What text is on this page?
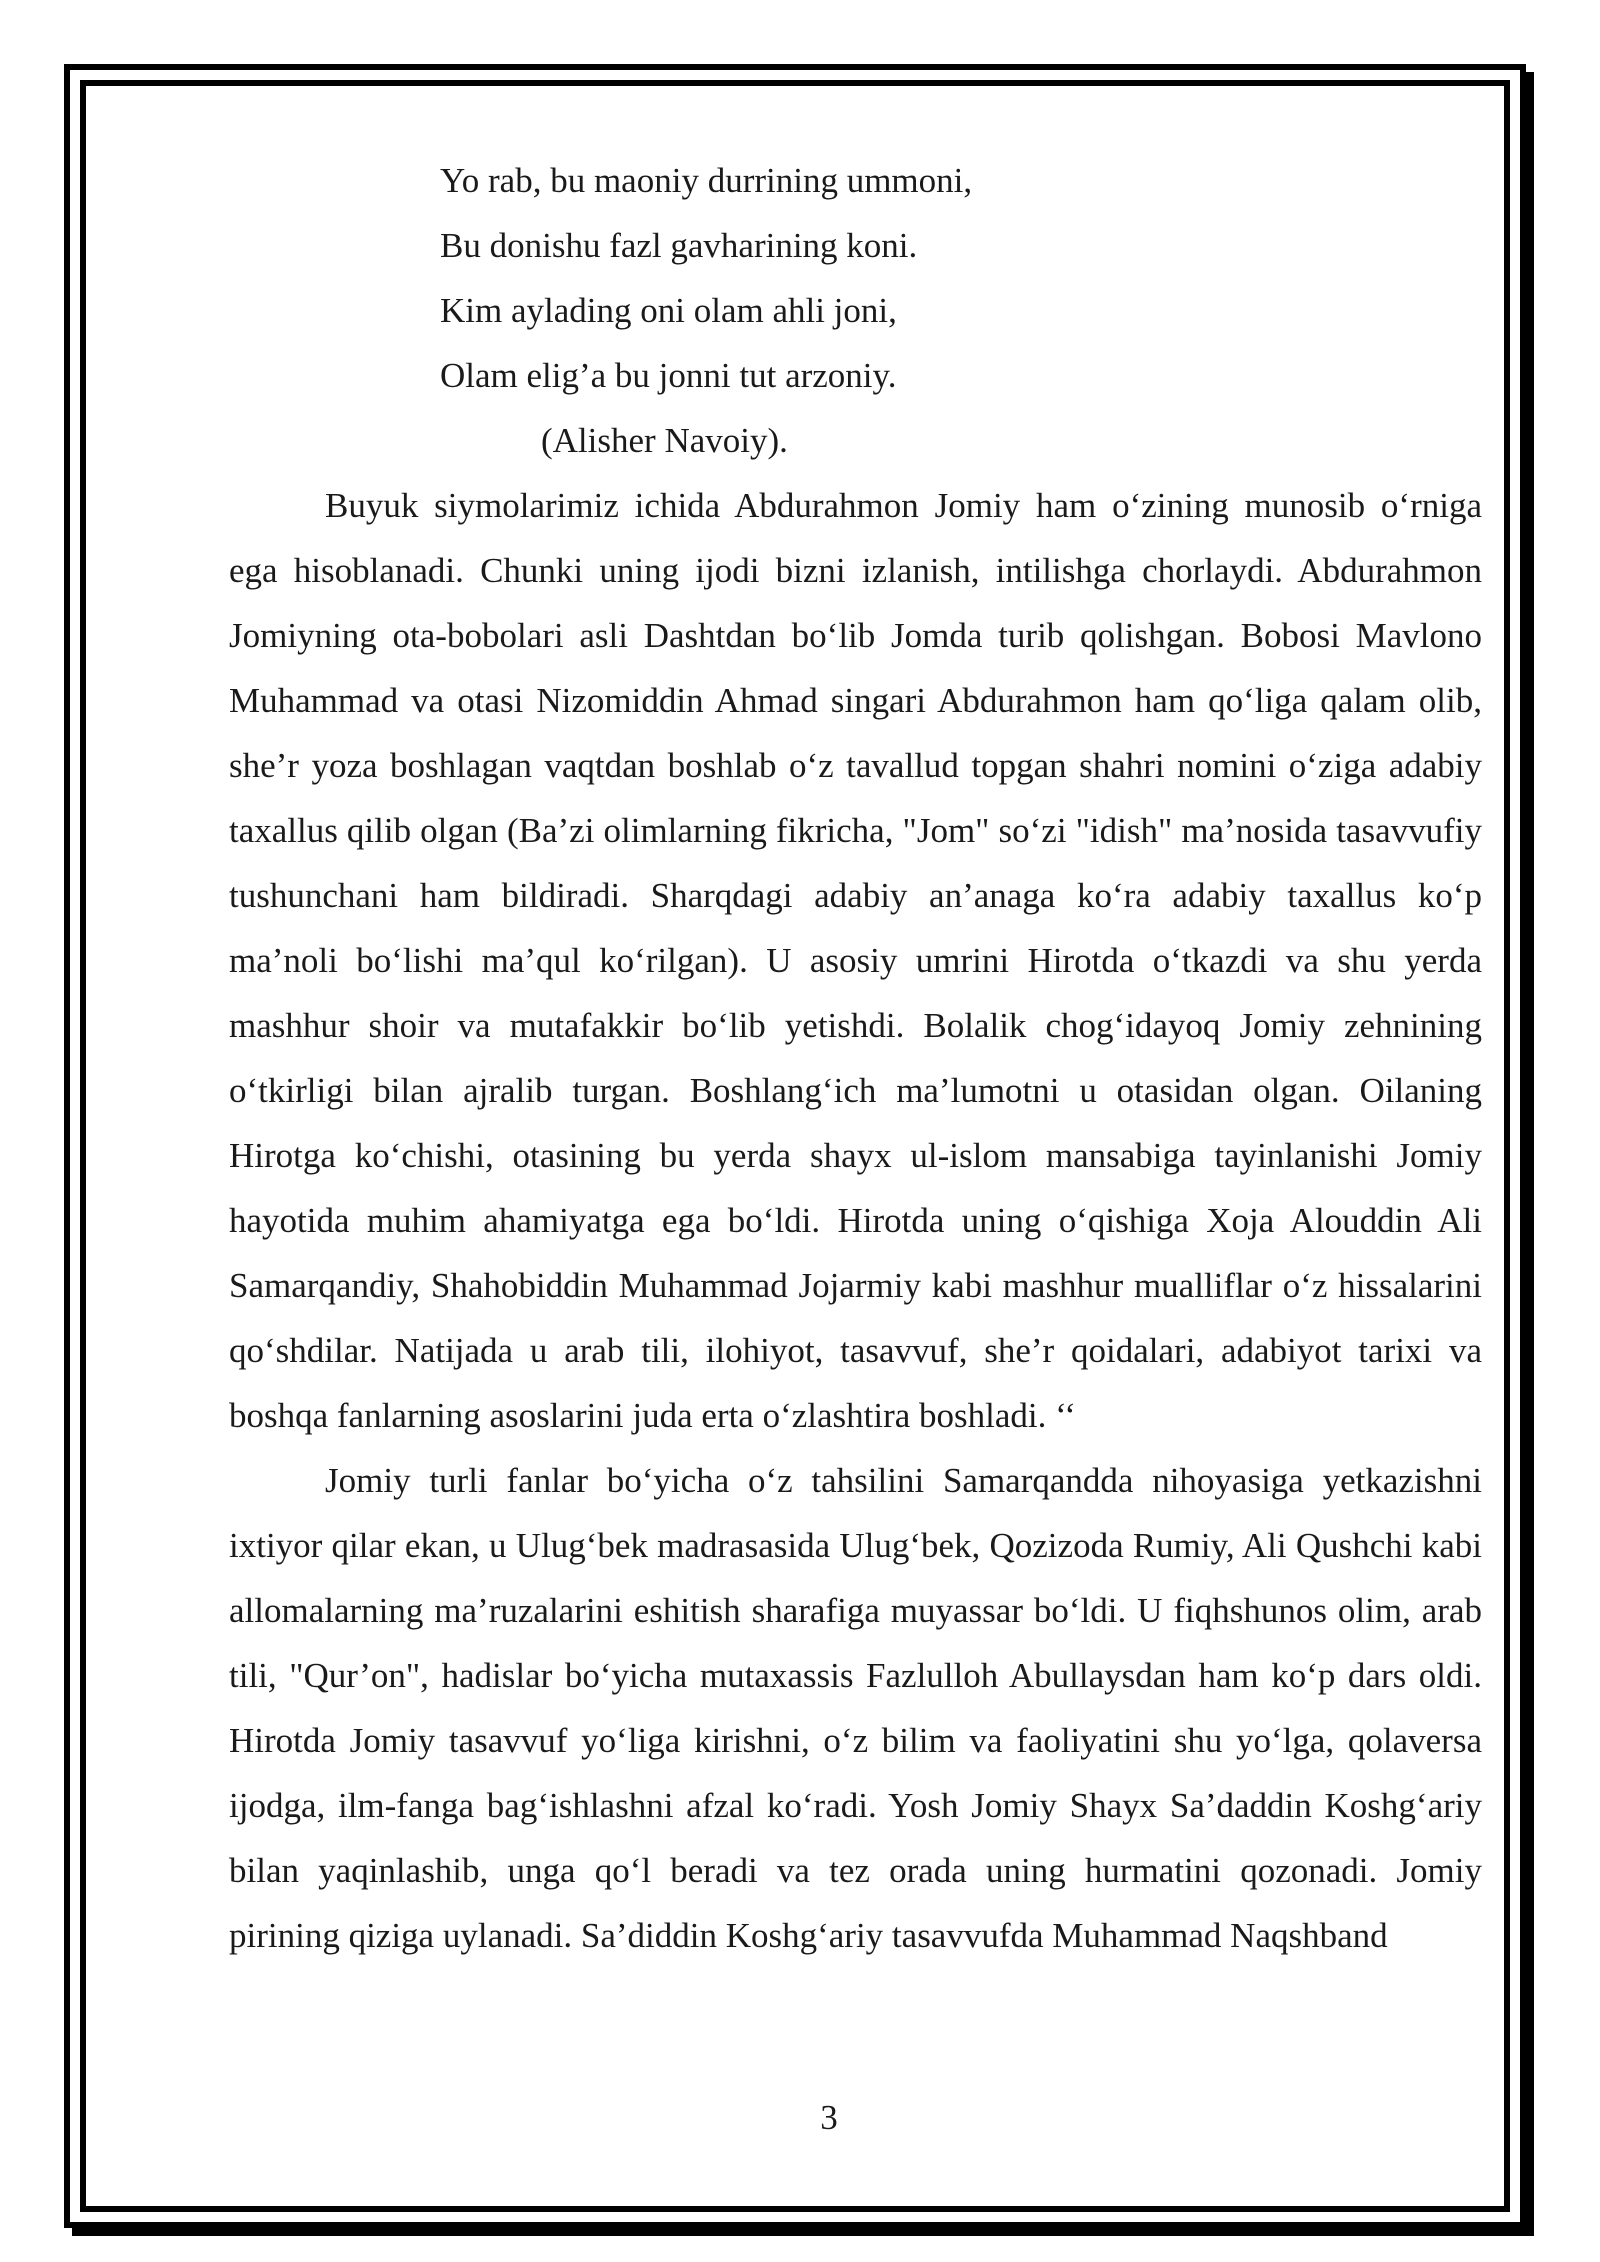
Yo rab, bu maoniy durrining ummoni,
Bu donishu fazl gavharining koni.
Kim aylading oni olam ahli joni,
Olam elig’a bu jonni tut arzoniy.
(Alisher Navoiy).

Buyuk siymolarimiz ichida Abdurahmon Jomiy ham o‘zining munosib o‘rniga ega hisoblanadi. Chunki uning ijodi bizni izlanish, intilishga chorlaydi. Abdurahmon Jomiyning ota-bobolari asli Dashtdan bo‘lib Jomda turib qolishgan. Bobosi Mavlono Muhammad va otasi Nizomiddin Ahmad singari Abdurahmon ham qo‘liga qalam olib, she’r yoza boshlagan vaqtdan boshlab o‘z tavallud topgan shahri nomini o‘ziga adabiy taxallus qilib olgan (Ba’zi olimlarning fikricha, "Jom" so‘zi "idish" ma’nosida tasavvufiy tushunchani ham bildiradi. Sharqdagi adabiy an’anaga ko‘ra adabiy taxallus ko‘p ma’noli bo‘lishi ma’qul ko‘rilgan). U asosiy umrini Hirotda o‘tkazdi va shu yerda mashhur shoir va mutafakkir bo‘lib yetishdi. Bolalik chog‘idayoq Jomiy zehnining o‘tkirligi bilan ajralib turgan. Boshlang‘ich ma’lumotni u otasidan olgan. Oilaning Hirotga ko‘chishi, otasining bu yerda shayx ul-islom mansabiga tayinlanishi Jomiy hayotida muhim ahamiyatga ega bo‘ldi. Hirotda uning o‘qishiga Xoja Alouddin Ali Samarqandiy, Shahobiddin Muhammad Jojarmiy kabi mashhur mualliflar o‘z hissalarini qo‘shdilar. Natijada u arab tili, ilohiyot, tasavvuf, she’r qoidalari, adabiyot tarixi va boshqa fanlarning asoslarini juda erta o‘zlashtira boshladi. ‘‘

Jomiy turli fanlar bo‘yicha o‘z tahsilini Samarqandda nihoyasiga yetkazishni ixtiyor qilar ekan, u Ulug‘bek madrasasida Ulug‘bek, Qozizoda Rumiy, Ali Qushchi kabi allomalarning ma’ruzalarini eshitish sharafiga muyassar bo‘ldi. U fiqhshunos olim, arab tili, "Qur’on", hadislar bo‘yicha mutaxassis Fazlulloh Abullaysdan ham ko‘p dars oldi. Hirotda Jomiy tasavvuf yo‘liga kirishni, o‘z bilim va faoliyatini shu yo‘lga, qolaversa ijodga, ilm-fanga bag‘ishlashni afzal ko‘radi. Yosh Jomiy Shayx Sa’daddin Koshg‘ariy bilan yaqinlashib, unga qo‘l beradi va tez orada uning hurmatini qozonadi. Jomiy pirining qiziga uylanadi. Sa’diddin Koshg‘ariy tasavvufda Muhammad Naqshband

3
